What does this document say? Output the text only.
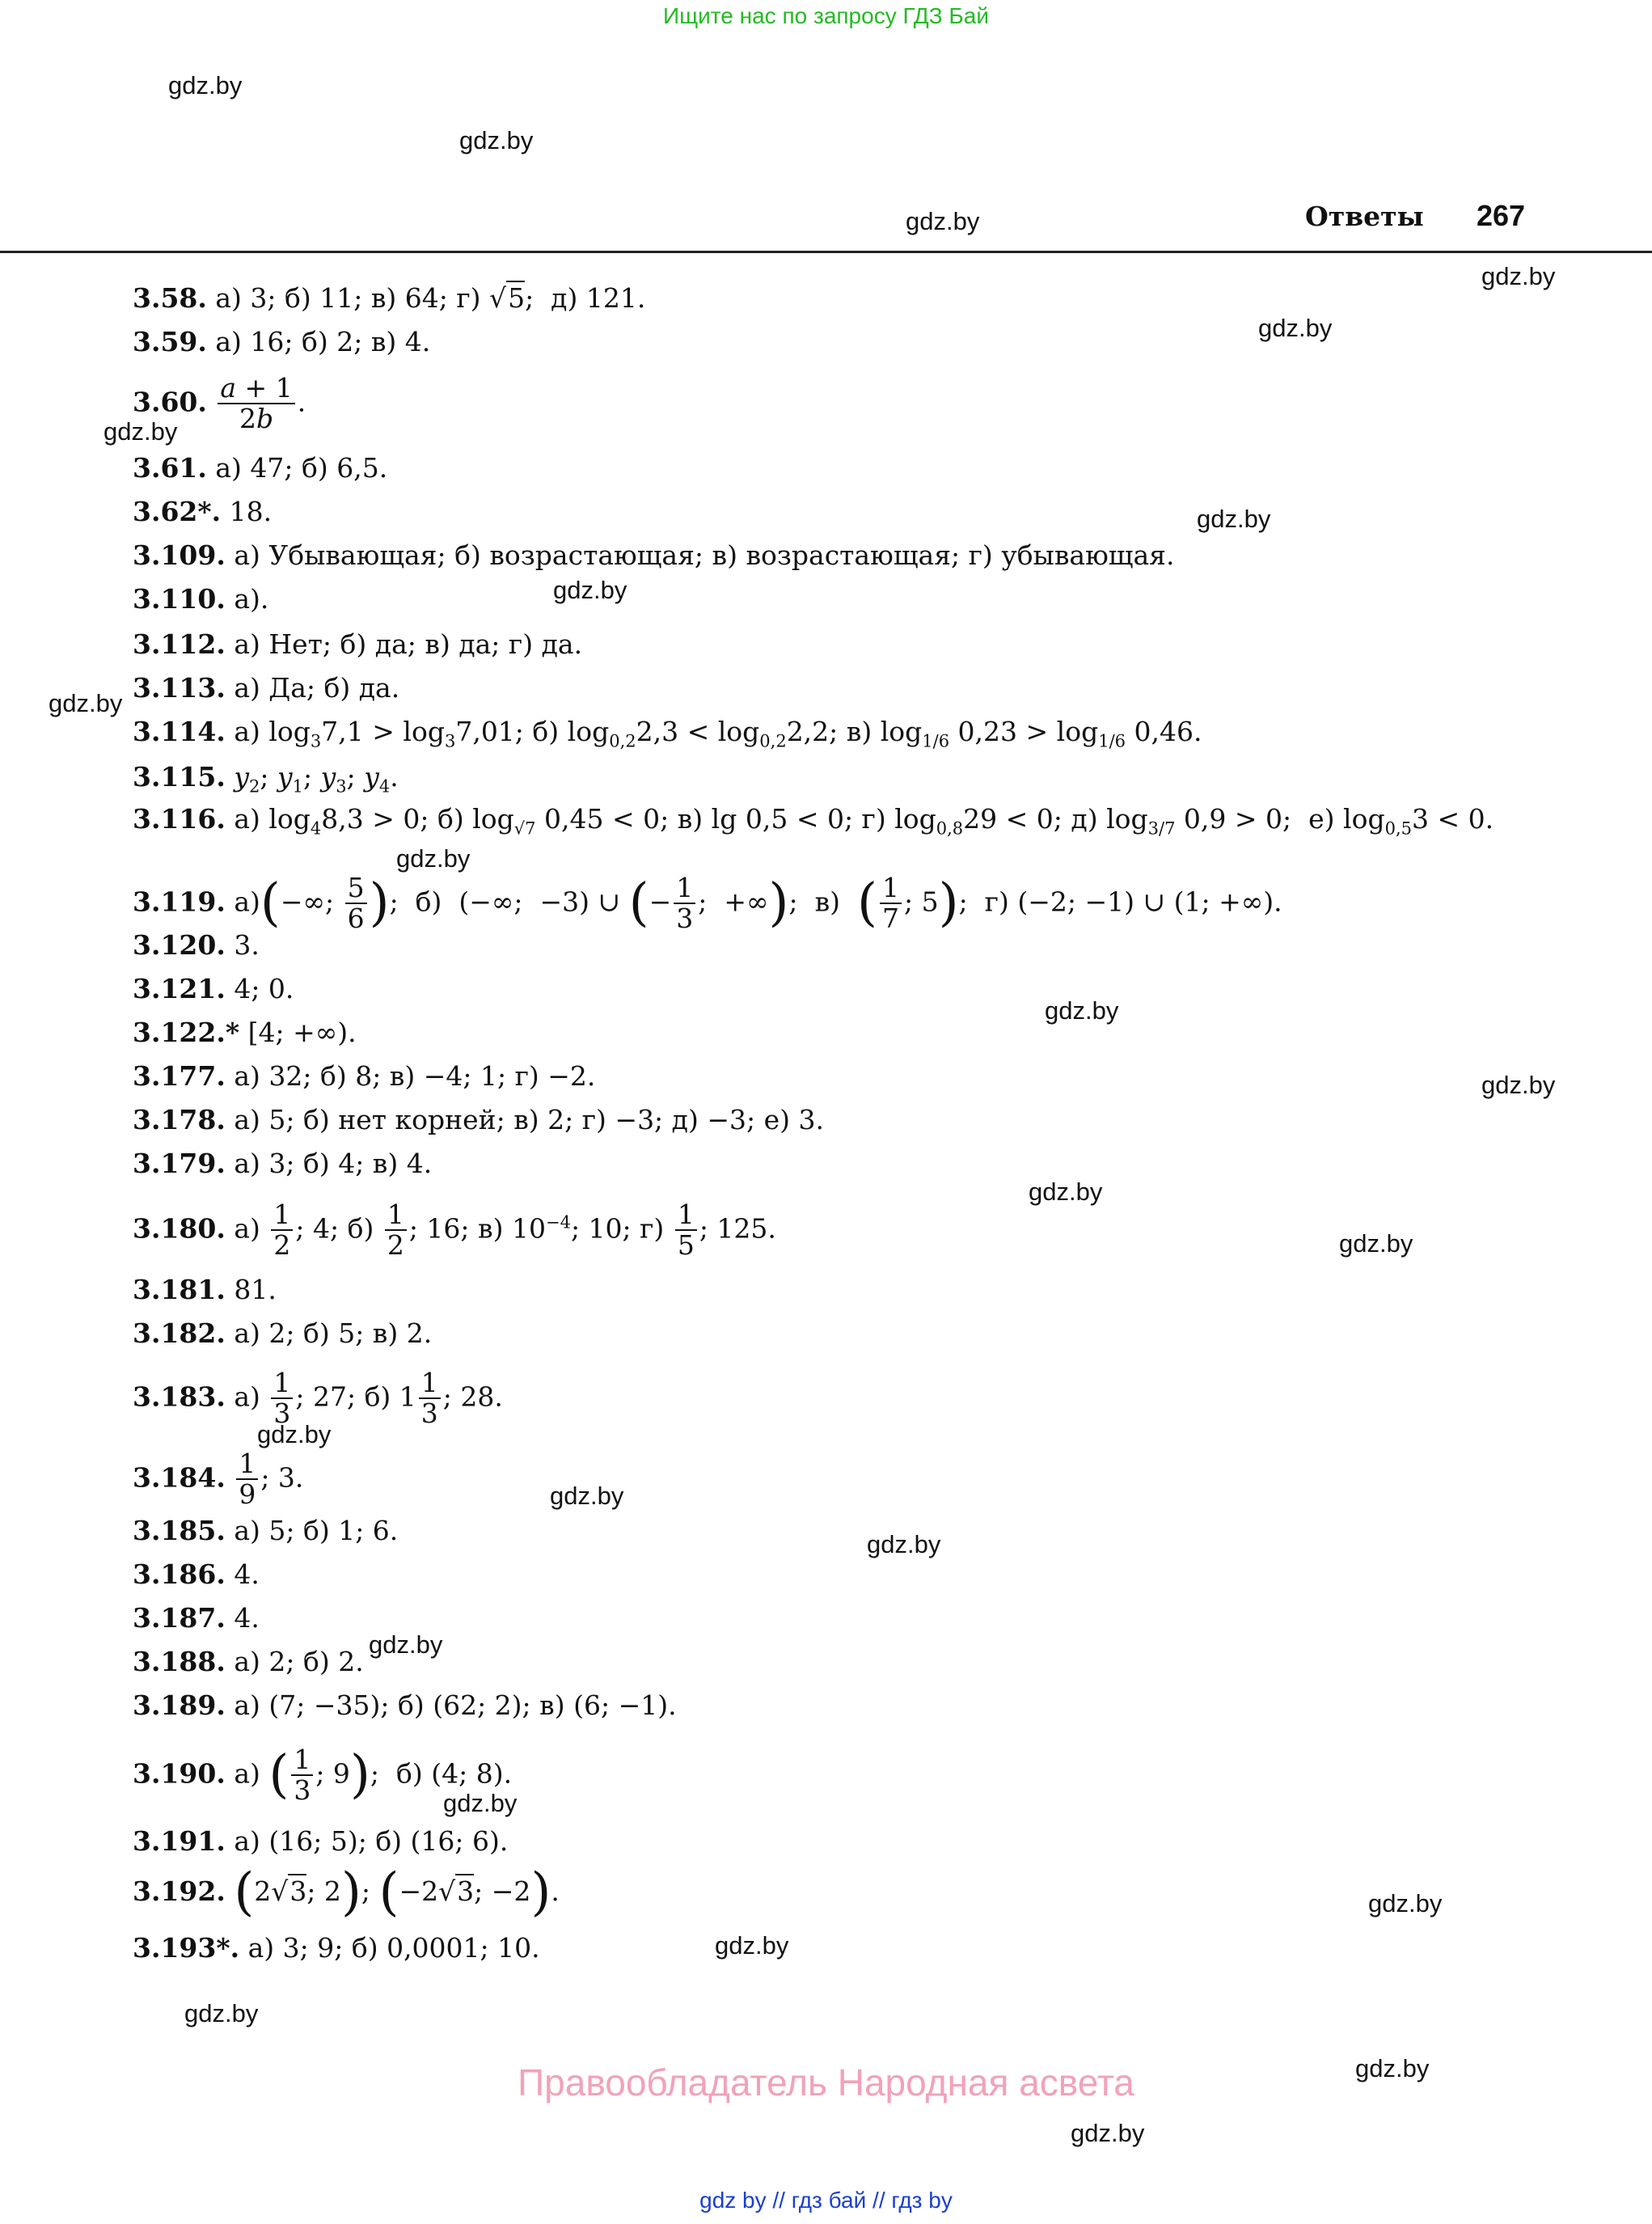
Ищите нас по запросу ГДЗ Бай
gdz.by
gdz.by
gdz.by
gdz.by
gdz.by
gdz.by
gdz.by
gdz.by
gdz.by
gdz.by
gdz.by
gdz.by
gdz.by
gdz.by
gdz.by
gdz.by
gdz.by
gdz.by
gdz.by
gdz.by
gdz.by
gdz.by
gdz.by
gdz.by
Ответы 267
3.58. а) 3; б) 11; в) 64; г) √5;  д) 121.
3.59. а) 16; б) 2; в) 4.
3.60. $\frac{a + 1}{2b}$ .
3.61. а) 47; б) 6,5.
3.62*. 18.
3.109. а) Убывающая; б) возрастающая; в) возрастающая; г) убывающая.
3.110. а).
3.112. а) Нет; б) да; в) да; г) да.
3.113. а) Да; б) да.
3.114. а) $\log_37,1 > \log_37,01$; б) $\log_{0,2}2,3 < \log_{0,2}2,2$; в) $\log_{1/6} 0,23 > \log_{1/6} 0,46$.
3.115. $y_2$; $y_1$; $y_3$; $y_4$.
3.116. а) $\log_48,3 > 0$; б) $\log_{√7} 0,45 < 0$; в) lg 0,5 < 0; г) $\log_{0,8}29 < 0$; д) $\log_{3/7} 0,9 > 0$;  е) $\log_{0,5}3 < 0$.
3.119. а)(−∞; $\frac{5}{6}$ );  б)  (−∞;  −3) ∪ (− $\frac{1}{3}$ ;  +∞);  в)  ( $\frac{1}{7}$ ; 5);  г) (−2; −1) ∪ (1; +∞).
3.120. 3.
3.121. 4; 0.
3.122.* [4; +∞).
3.177. а) 32; б) 8; в) −4; 1; г) −2.
3.178. а) 5; б) нет корней; в) 2; г) −3; д) −3; е) 3.
3.179. а) 3; б) 4; в) 4.
3.180. $а) \frac{1}{2}$ ; 4; $б) \frac{1}{2}$ ; 16; в) $10^{-4}$; 10; $г) \frac{1}{5}$ ; 125.
3.181. 81.
3.182. а) 2; б) 5; в) 2.
3.183. $а) \frac{1}{3}$ ; 27; б) $1 \frac{1}{3}$ ; 28.
3.184. $\frac{1}{9}$ ; 3.
3.185. а) 5; б) 1; 6.
3.186. 4.
3.187. 4.
3.188. а) 2; б) 2.
3.189. а) (7; −35); б) (62; 2); в) (6; −1).
3.190. а) ( $\frac{1}{3}$ ; 9);  б) (4; 8).
3.191. а) (16; 5); б) (16; 6).
3.192. (2√3; 2); (−2√3; −2).
3.193*. а) 3; 9; б) 0,0001; 10.
Правообладатель Народная асвета
gdz by // гдз бай // гдз by
